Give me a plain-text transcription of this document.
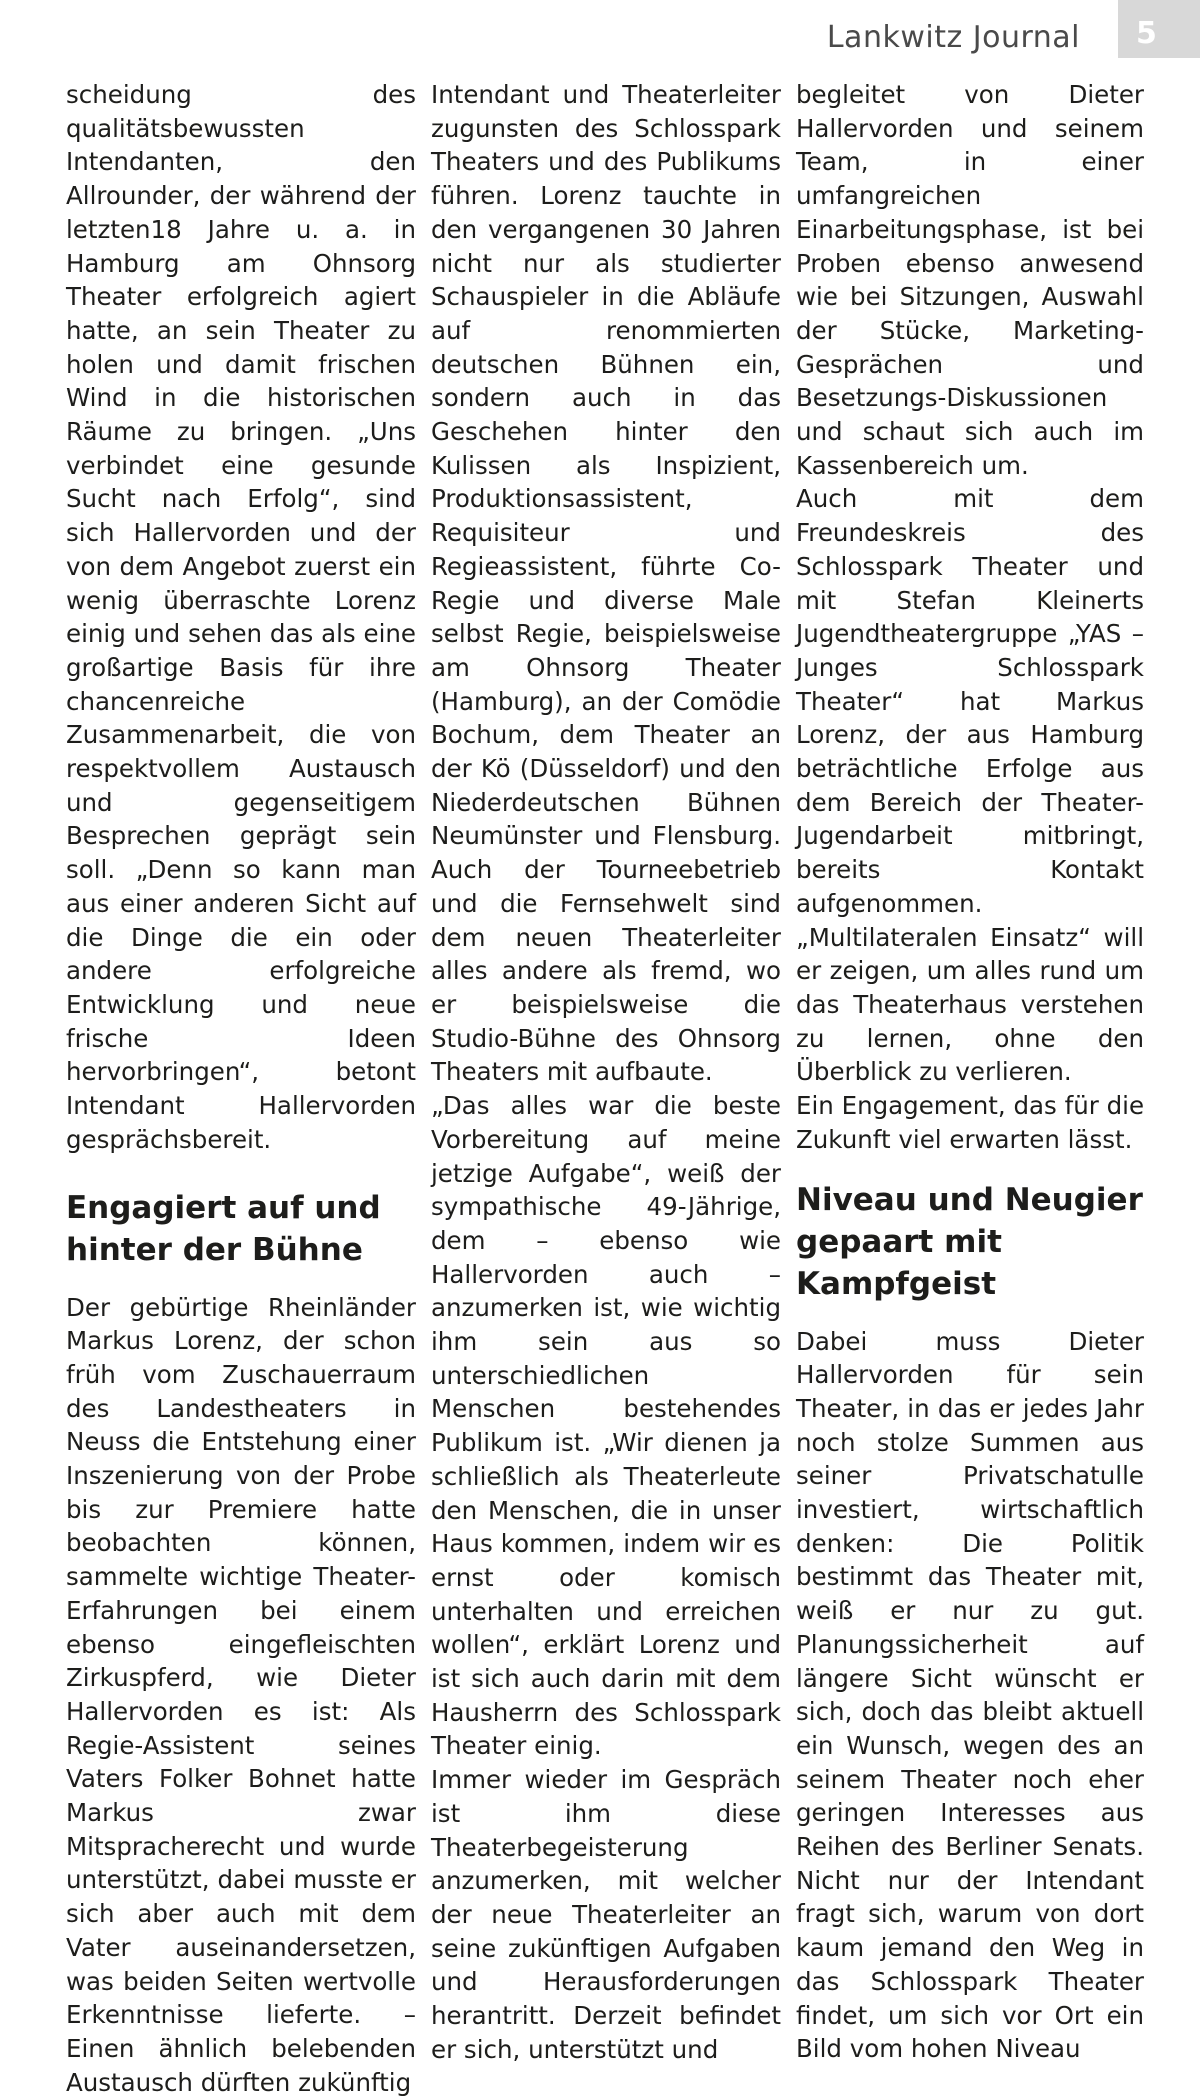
Lankwitz Journal 5

scheidung des qualitätsbewussten Intendanten, den Allrounder, der während der letzten18 Jahre u. a. in Hamburg am Ohnsorg Theater erfolgreich agiert hatte, an sein Theater zu holen und damit frischen Wind in die historischen Räume zu bringen. „Uns verbindet eine gesunde Sucht nach Erfolg“, sind sich Hallervorden und der von dem Angebot zuerst ein wenig überraschte Lorenz einig und sehen das als eine großartige Basis für ihre chancenreiche Zusammenarbeit, die von respektvollem Austausch und gegenseitigem Besprechen geprägt sein soll. „Denn so kann man aus einer anderen Sicht auf die Dinge die ein oder andere erfolgreiche Entwicklung und neue frische Ideen hervorbringen“, betont Intendant Hallervorden gesprächsbereit.

Engagiert auf und hinter der Bühne

Der gebürtige Rheinländer Markus Lorenz, der schon früh vom Zuschauerraum des Landestheaters in Neuss die Entstehung einer Inszenierung von der Probe bis zur Premiere hatte beobachten können, sammelte wichtige Theater-Erfahrungen bei einem ebenso eingefleischten Zirkuspferd, wie Dieter Hallervorden es ist: Als Regie-Assistent seines Vaters Folker Bohnet hatte Markus zwar Mitspracherecht und wurde unterstützt, dabei musste er sich aber auch mit dem Vater auseinandersetzen, was beiden Seiten wertvolle Erkenntnisse lieferte. – Einen ähnlich belebenden Austausch dürften zukünftig

Intendant und Theaterleiter zugunsten des Schlosspark Theaters und des Publikums führen. Lorenz tauchte in den vergangenen 30 Jahren nicht nur als studierter Schauspieler in die Abläufe auf renommierten deutschen Bühnen ein, sondern auch in das Geschehen hinter den Kulissen als Inspizient, Produktionsassistent, Requisiteur und Regieassistent, führte Co-Regie und diverse Male selbst Regie, beispielsweise am Ohnsorg Theater (Hamburg), an der Comödie Bochum, dem Theater an der Kö (Düsseldorf) und den Niederdeutschen Bühnen Neumünster und Flensburg. Auch der Tourneebetrieb und die Fernsehwelt sind dem neuen Theaterleiter alles andere als fremd, wo er beispielsweise die Studio-Bühne des Ohnsorg Theaters mit aufbaute.

„Das alles war die beste Vorbereitung auf meine jetzige Aufgabe“, weiß der sympathische 49-Jährige, dem – ebenso wie Hallervorden auch – anzumerken ist, wie wichtig ihm sein aus so unterschiedlichen Menschen bestehendes Publikum ist. „Wir dienen ja schließlich als Theaterleute den Menschen, die in unser Haus kommen, indem wir es ernst oder komisch unterhalten und erreichen wollen“, erklärt Lorenz und ist sich auch darin mit dem Hausherrn des Schlosspark Theater einig.

Immer wieder im Gespräch ist ihm diese Theaterbegeisterung anzumerken, mit welcher der neue Theaterleiter an seine zukünftigen Aufgaben und Herausforderungen herantritt. Derzeit befindet er sich, unterstützt und

begleitet von Dieter Hallervorden und seinem Team, in einer umfangreichen Einarbeitungsphase, ist bei Proben ebenso anwesend wie bei Sitzungen, Auswahl der Stücke, Marketing-Gesprächen und Besetzungs-Diskussionen und schaut sich auch im Kassenbereich um.

Auch mit dem Freundeskreis des Schlosspark Theater und mit Stefan Kleinerts Jugendtheatergruppe „YAS – Junges Schlosspark Theater“ hat Markus Lorenz, der aus Hamburg beträchtliche Erfolge aus dem Bereich der Theater-Jugendarbeit mitbringt, bereits Kontakt aufgenommen. „Multilateralen Einsatz“ will er zeigen, um alles rund um das Theaterhaus verstehen zu lernen, ohne den Überblick zu verlieren.

Ein Engagement, das für die Zukunft viel erwarten lässt.

Niveau und Neugier gepaart mit Kampfgeist

Dabei muss Dieter Hallervorden für sein Theater, in das er jedes Jahr noch stolze Summen aus seiner Privatschatulle investiert, wirtschaftlich denken: Die Politik bestimmt das Theater mit, weiß er nur zu gut. Planungssicherheit auf längere Sicht wünscht er sich, doch das bleibt aktuell ein Wunsch, wegen des an seinem Theater noch eher geringen Interesses aus Reihen des Berliner Senats. Nicht nur der Intendant fragt sich, warum von dort kaum jemand den Weg in das Schlosspark Theater findet, um sich vor Ort ein Bild vom hohen Niveau
